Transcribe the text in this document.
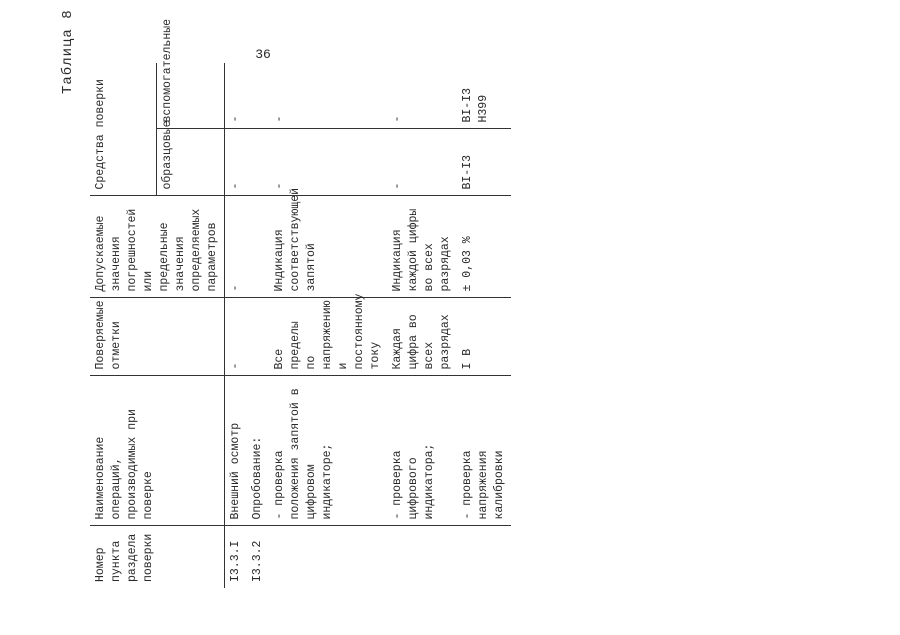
36
Таблица 8
Номер пункта раздела поверки	Наименование операций, производимых при поверке	Поверяемые отметки	Допускаемые значения погрешностей или предельные значения определяемых параметров	Средства поверки	
				образцовые	вспомогательные
I3.3.I	Внешний осмотр	-	-	-	-
I3.3.2	Опробование:				
	- проверка положения запятой в цифровом индикаторе;	Все пределы по напряжению и постоянному току	Индикация соответствующей запятой	-	-
	- проверка цифрового индикатора;	Каждая цифра во всех разрядах	Индикация каждой цифры во всех разрядах	-	-
	- проверка напряжения калибровки	I В	± 0,03 %	ВI-I3	ВI-I3
Н399
